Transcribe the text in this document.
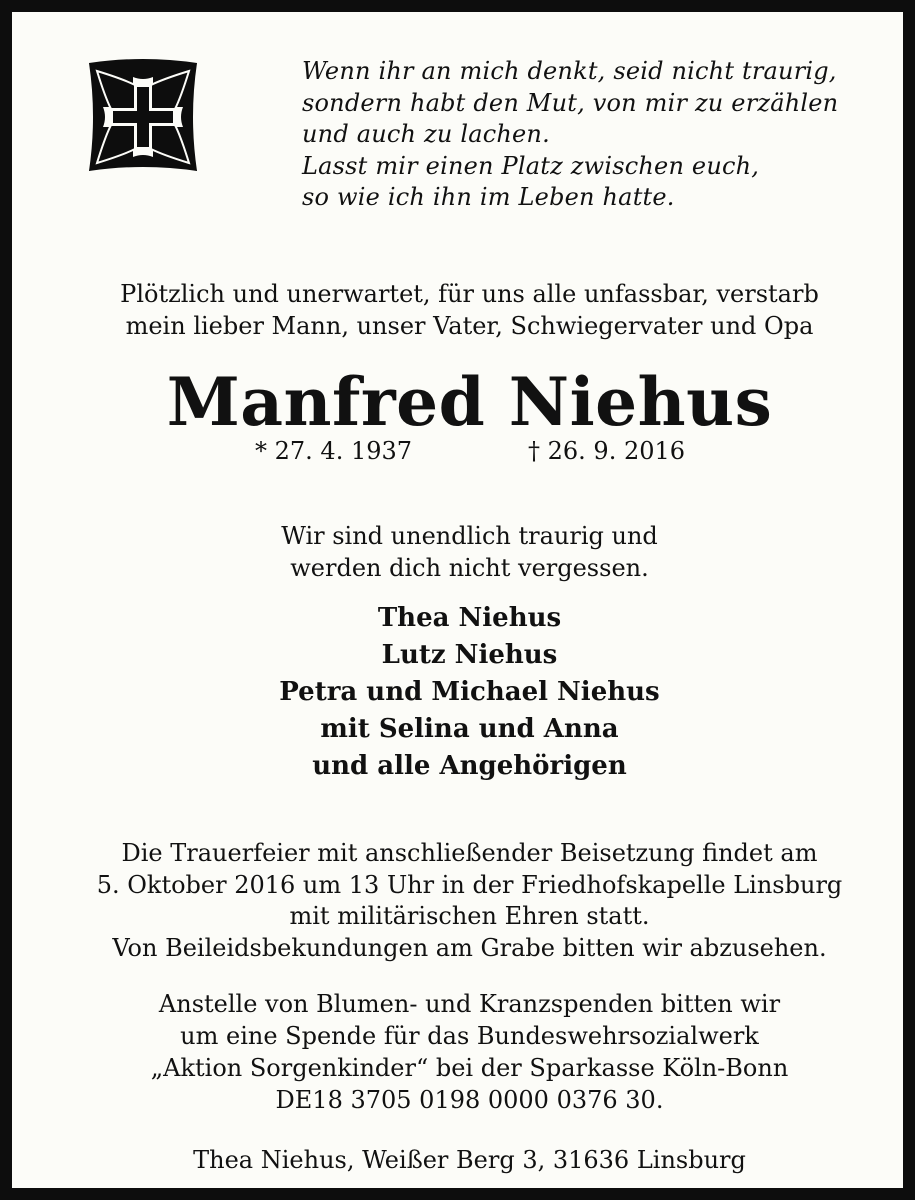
Wenn ihr an mich denkt, seid nicht traurig,
sondern habt den Mut, von mir zu erzählen
und auch zu lachen.
Lasst mir einen Platz zwischen euch,
so wie ich ihn im Leben hatte.
Plötzlich und unerwartet, für uns alle unfassbar, verstarb
mein lieber Mann, unser Vater, Schwiegervater und Opa
Manfred Niehus
* 27. 4. 1937	† 26. 9. 2016
Wir sind unendlich traurig und
werden dich nicht vergessen.
Thea Niehus
Lutz Niehus
Petra und Michael Niehus
mit Selina und Anna
und alle Angehörigen
Die Trauerfeier mit anschließender Beisetzung findet am
5. Oktober 2016 um 13 Uhr in der Friedhofskapelle Linsburg
mit militärischen Ehren statt.
Von Beileidsbekundungen am Grabe bitten wir abzusehen.
Anstelle von Blumen- und Kranzspenden bitten wir
um eine Spende für das Bundeswehrsozialwerk
„Aktion Sorgenkinder“ bei der Sparkasse Köln-Bonn
DE18 3705 0198 0000 0376 30.
Thea Niehus, Weißer Berg 3, 31636 Linsburg
